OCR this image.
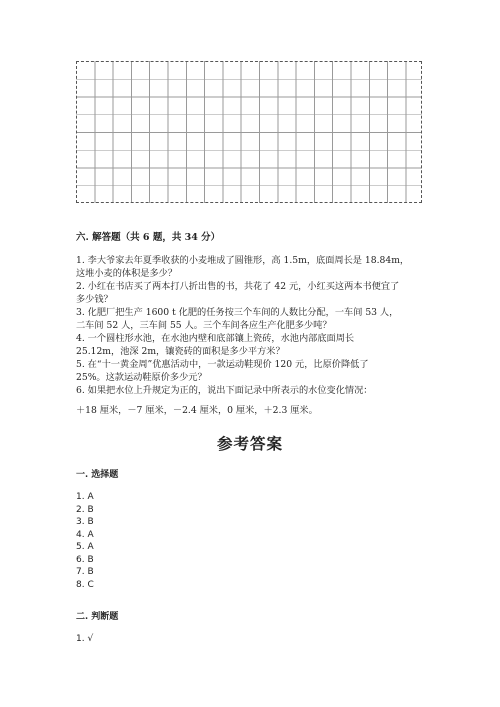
六. 解答题（共 6 题，共 34 分）
1. 李大爷家去年夏季收获的小麦堆成了圆锥形，高 1.5m，底面周长是 18.84m，
这堆小麦的体积是多少？
2. 小红在书店买了两本打八折出售的书，共花了 42 元，小红买这两本书便宜了
多少钱？
3. 化肥厂把生产 1600 t 化肥的任务按三个车间的人数比分配，一车间 53 人，
二车间 52 人，三车间 55 人。三个车间各应生产化肥多少吨？
4. 一个圆柱形水池，在水池内壁和底部镶上瓷砖，水池内部底面周长
25.12m，池深 2m，镶瓷砖的面积是多少平方米？
5. 在“十一黄金周”优惠活动中，一款运动鞋现价 120 元，比原价降低了
25%。这款运动鞋原价多少元？
6. 如果把水位上升规定为正的，说出下面记录中所表示的水位变化情况：
＋18 厘米，－7 厘米，－2.4 厘米，0 厘米，＋2.3 厘米。
参考答案
一. 选择题
1. A
2. B
3. B
4. A
5. A
6. B
7. B
8. C
二. 判断题
1. √
